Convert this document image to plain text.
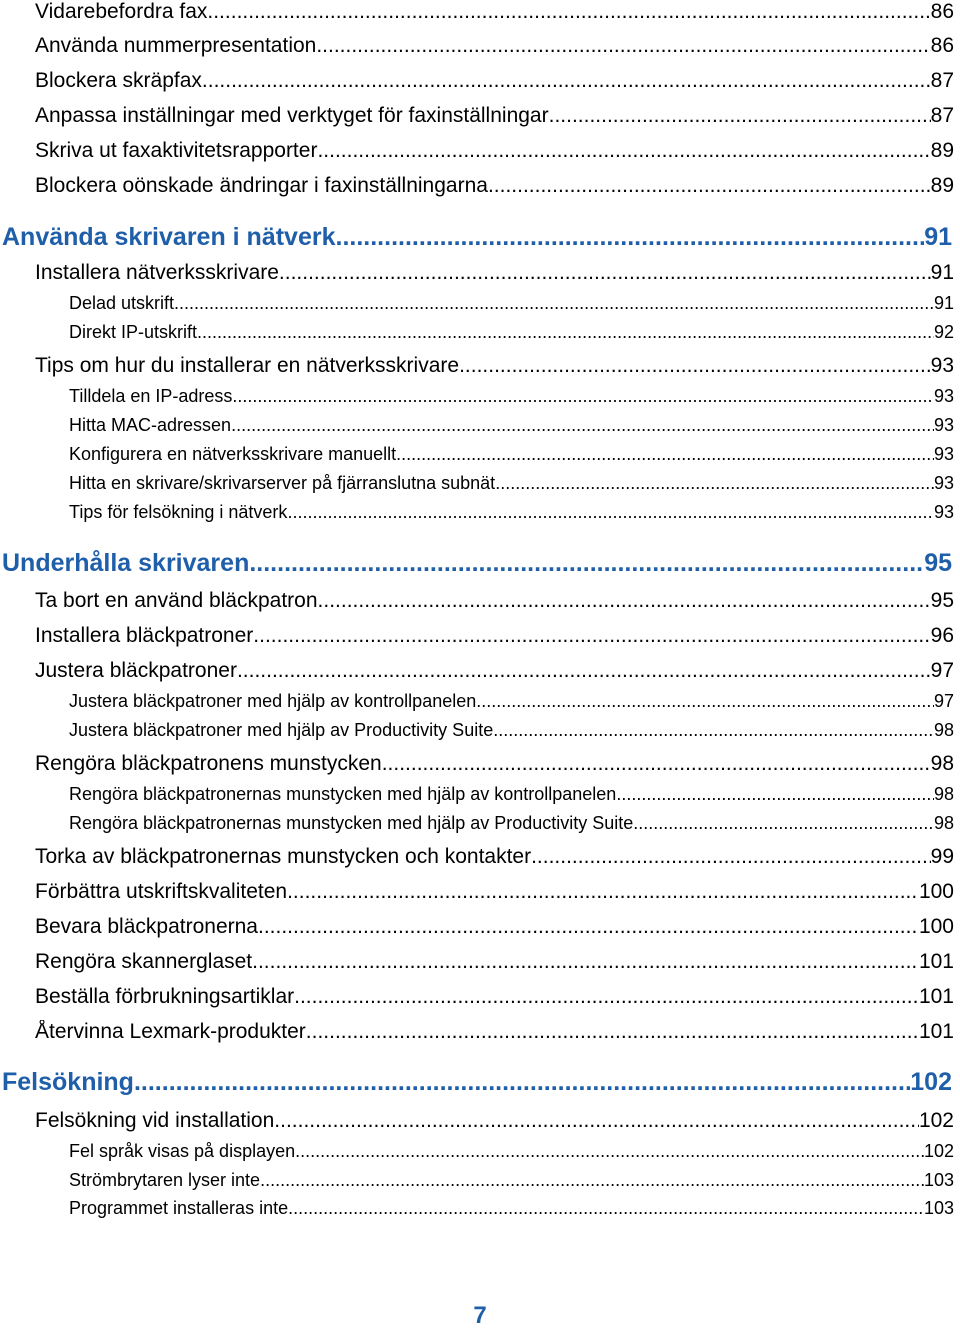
Vidarebefordra fax .....	86
Använda nummerpresentation .....	86
Blockera skräpfax .....	87
Anpassa inställningar med verktyget för faxinställningar .....	87
Skriva ut faxaktivitetsrapporter .....	89
Blockera oönskade ändringar i faxinställningarna .....	89
Använda skrivaren i nätverk .....	91
Installera nätverksskrivare .....	91
Delad utskrift .....	91
Direkt IP-utskrift .....	92
Tips om hur du installerar en nätverksskrivare .....	93
Tilldela en IP-adress .....	93
Hitta MAC-adressen .....	93
Konfigurera en nätverksskrivare manuellt .....	93
Hitta en skrivare/skrivarserver på fjärranslutna subnät .....	93
Tips för felsökning i nätverk .....	93
Underhålla skrivaren .....	95
Ta bort en använd bläckpatron .....	95
Installera bläckpatroner .....	96
Justera bläckpatroner .....	97
Justera bläckpatroner med hjälp av kontrollpanelen .....	97
Justera bläckpatroner med hjälp av Productivity Suite .....	98
Rengöra bläckpatronens munstycken .....	98
Rengöra bläckpatronernas munstycken med hjälp av kontrollpanelen .....	98
Rengöra bläckpatronernas munstycken med hjälp av Productivity Suite .....	98
Torka av bläckpatronernas munstycken och kontakter .....	99
Förbättra utskriftskvaliteten .....	100
Bevara bläckpatronerna .....	100
Rengöra skannerglaset .....	101
Beställa förbrukningsartiklar .....	101
Återvinna Lexmark-produkter .....	101
Felsökning .....	102
Felsökning vid installation .....	102
Fel språk visas på displayen .....	102
Strömbrytaren lyser inte .....	103
Programmet installeras inte .....	103
7
